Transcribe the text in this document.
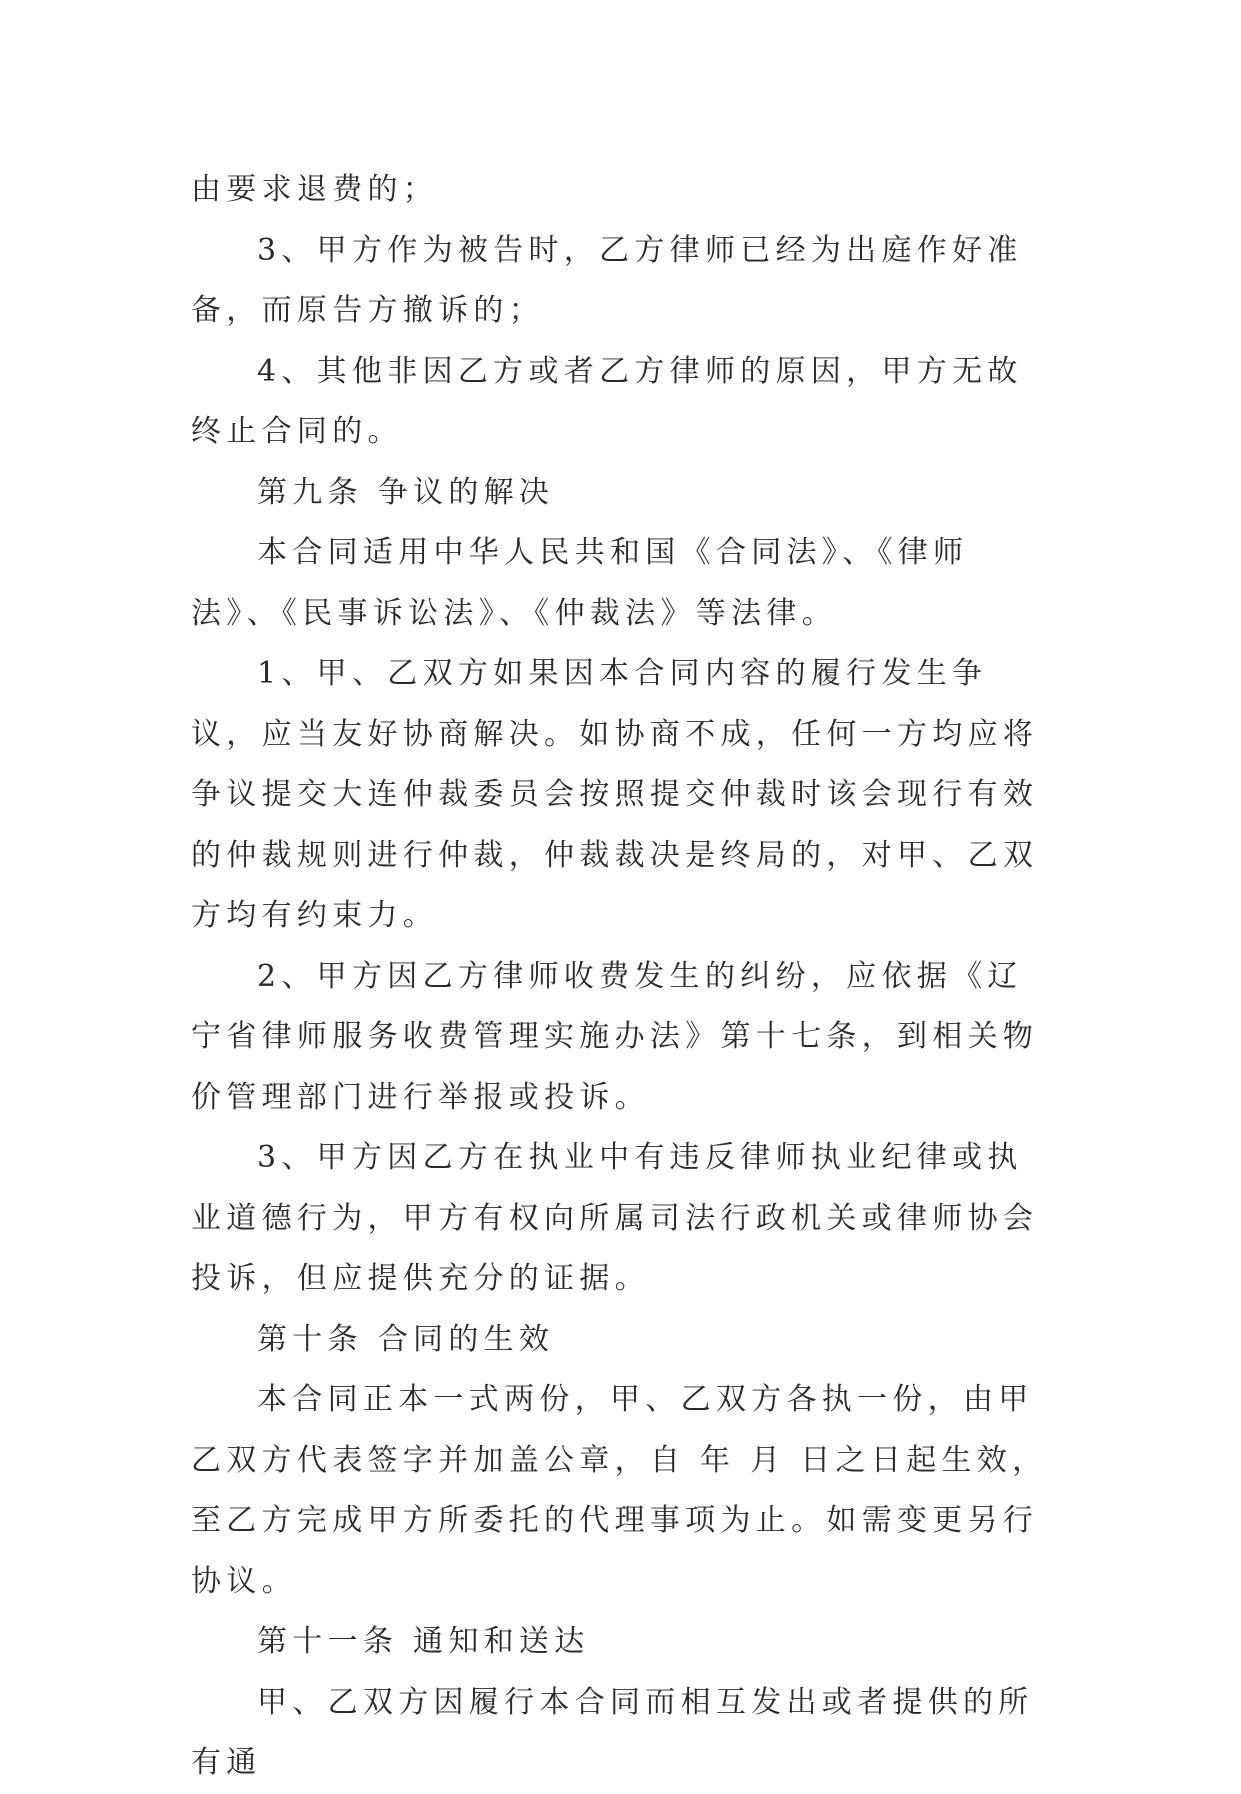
由要求退费的；

3、甲方作为被告时，乙方律师已经为出庭作好准备，而原告方撤诉的；

4、其他非因乙方或者乙方律师的原因，甲方无故终止合同的。

第九条 争议的解决

本合同适用中华人民共和国《合同法》、《律师法》、《民事诉讼法》、《仲裁法》等法律。

1、甲、乙双方如果因本合同内容的履行发生争议，应当友好协商解决。如协商不成，任何一方均应将争议提交大连仲裁委员会按照提交仲裁时该会现行有效的仲裁规则进行仲裁，仲裁裁决是终局的，对甲、乙双方均有约束力。

2、甲方因乙方律师收费发生的纠纷，应依据《辽宁省律师服务收费管理实施办法》第十七条，到相关物价管理部门进行举报或投诉。

3、甲方因乙方在执业中有违反律师执业纪律或执业道德行为，甲方有权向所属司法行政机关或律师协会投诉，但应提供充分的证据。

第十条 合同的生效

本合同正本一式两份，甲、乙双方各执一份，由甲乙双方代表签字并加盖公章，自 年 月 日之日起生效，至乙方完成甲方所委托的代理事项为止。如需变更另行协议。

第十一条 通知和送达

甲、乙双方因履行本合同而相互发出或者提供的所有通
